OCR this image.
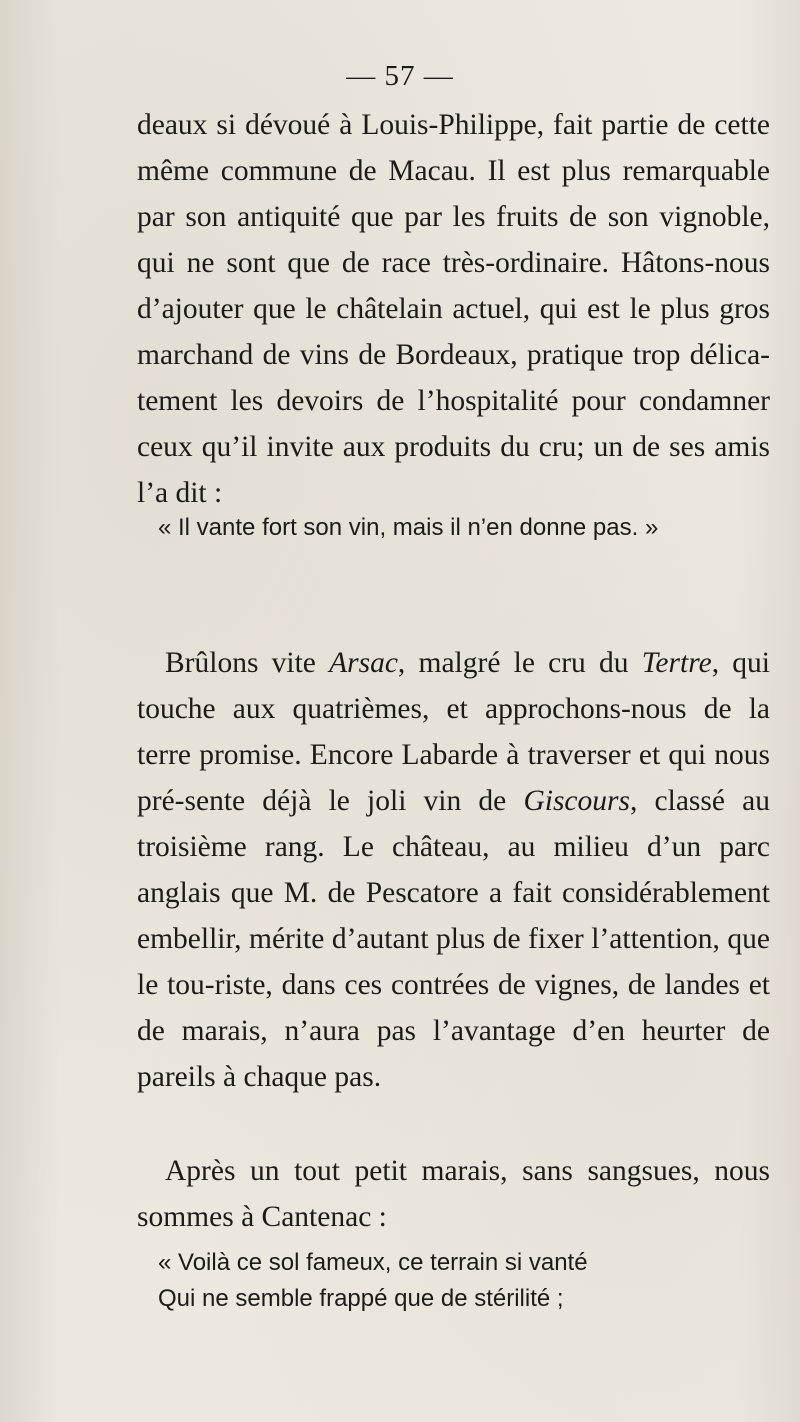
— 57 —

deaux si dévoué à Louis-Philippe, fait partie de cette même commune de Macau. Il est plus remarquable par son antiquité que par les fruits de son vignoble, qui ne sont que de race très-ordinaire. Hâtons-nous d’ajouter que le châtelain actuel, qui est le plus gros marchand de vins de Bordeaux, pratique trop délica-tement les devoirs de l’hospitalité pour condamner ceux qu’il invite aux produits du cru; un de ses amis l’a dit :

« Il vante fort son vin, mais il n’en donne pas. »

Brûlons vite Arsac, malgré le cru du Tertre, qui touche aux quatrièmes, et approchons-nous de la terre promise. Encore Labarde à traverser et qui nous pré-sente déjà le joli vin de Giscours, classé au troisième rang. Le château, au milieu d’un parc anglais que M. de Pescatore a fait considérablement embellir, mérite d’autant plus de fixer l’attention, que le tou-riste, dans ces contrées de vignes, de landes et de marais, n’aura pas l’avantage d’en heurter de pareils à chaque pas.

Après un tout petit marais, sans sangsues, nous sommes à Cantenac :

« Voilà ce sol fameux, ce terrain si vanté

Qui ne semble frappé que de stérilité ;
